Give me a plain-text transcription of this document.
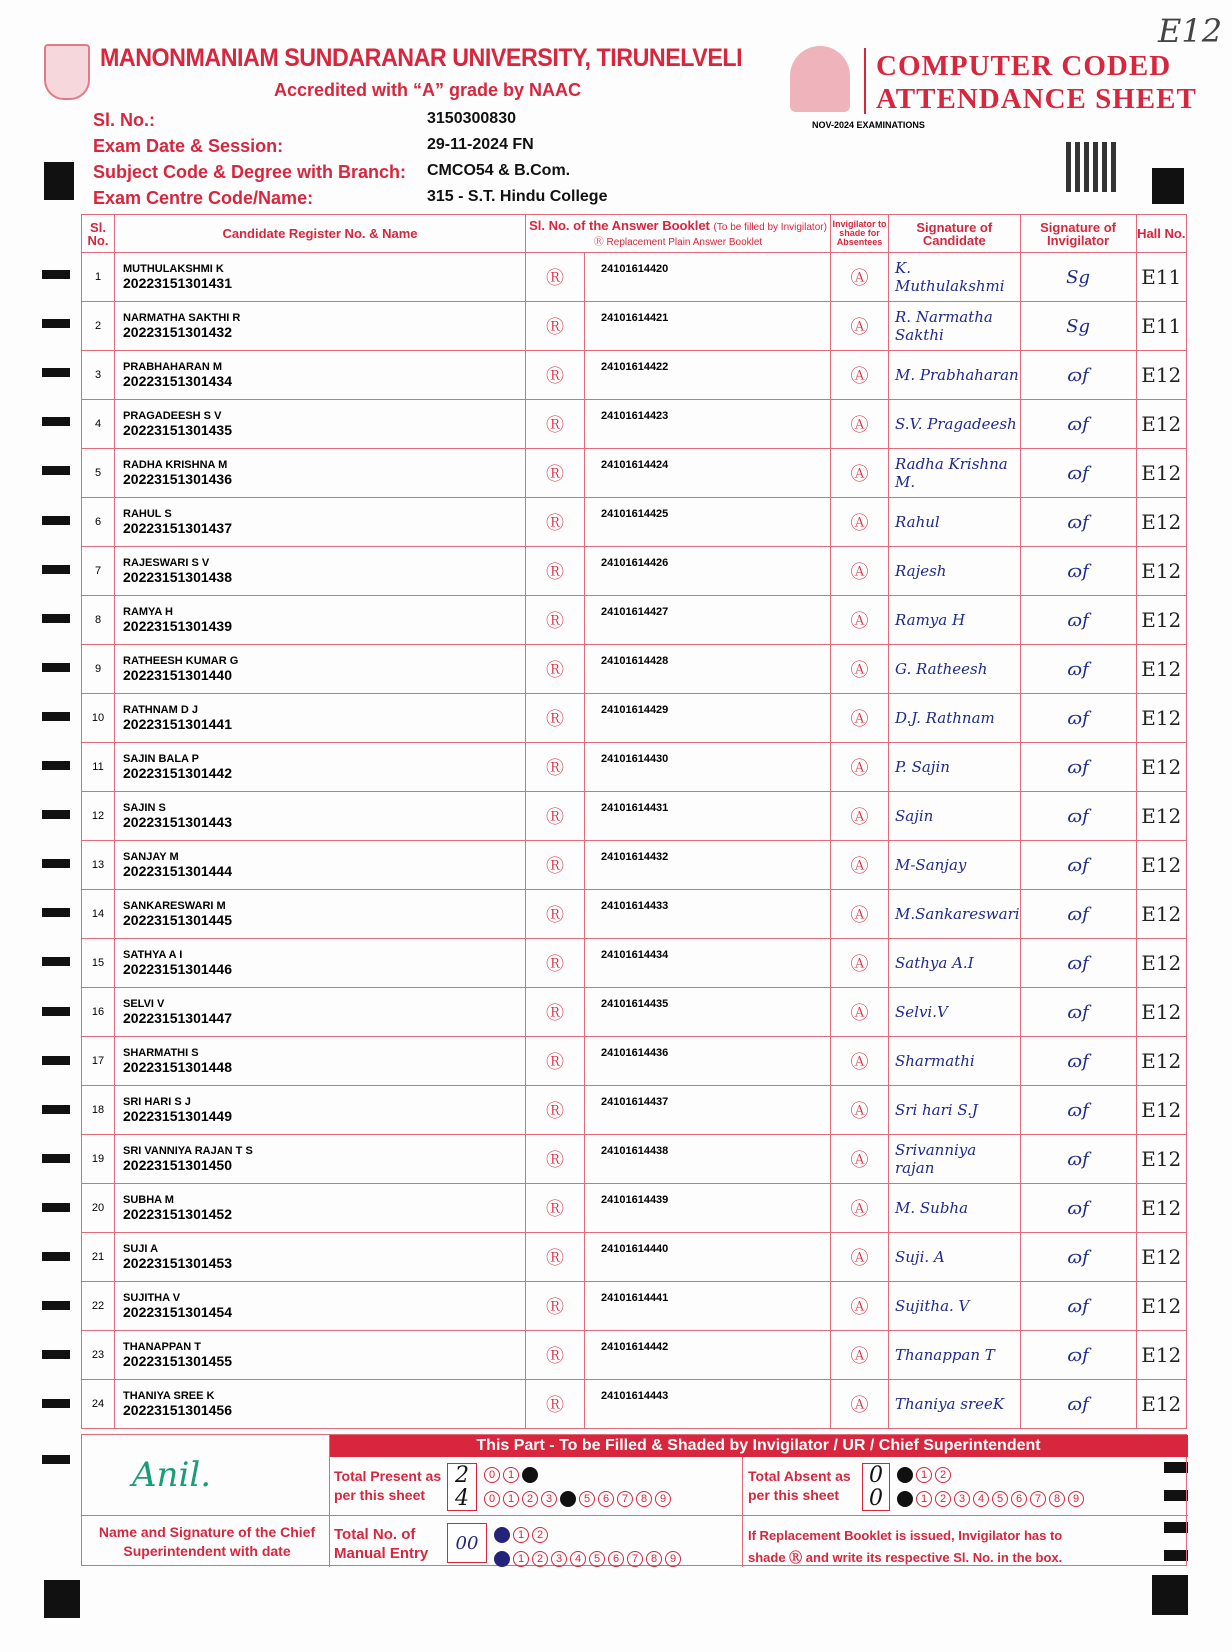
MANONMANIAM SUNDARANAR UNIVERSITY, TIRUNELVELI
Accredited with “A” grade by NAAC
COMPUTER CODED
ATTENDANCE SHEET
NOV-2024 EXAMINATIONS
E12
Sl. No.:	3150300830
Exam Date & Session:	29-11-2024 FN
Subject Code & Degree with Branch: CMCO54 & B.Com.
Exam Centre Code/Name:	315 - S.T. Hindu College
Sl. No.	Candidate Register No. & Name	Sl. No. of the Answer Booklet (To be filled by Invigilator)
Ⓡ Replacement Plain Answer Booklet		Invigilator to shade for Absentees	Signature of Candidate	Signature of Invigilator	Hall No.
1	MUTHULAKSHMI K
20223151301431	Ⓡ	24101614420	Ⓐ	K. Muthulakshmi	Sg	E11
2	NARMATHA SAKTHI R
20223151301432	Ⓡ	24101614421	Ⓐ	R. Narmatha Sakthi	Sg	E11
3	PRABHAHARAN M
20223151301434	Ⓡ	24101614422	Ⓐ	M. Prabhaharan	ɷf	E12
4	PRAGADEESH S V
20223151301435	Ⓡ	24101614423	Ⓐ	S.V. Pragadeesh	ɷf	E12
5	RADHA KRISHNA M
20223151301436	Ⓡ	24101614424	Ⓐ	Radha Krishna M.	ɷf	E12
6	RAHUL S
20223151301437	Ⓡ	24101614425	Ⓐ	Rahul	ɷf	E12
7	RAJESWARI S V
20223151301438	Ⓡ	24101614426	Ⓐ	Rajesh	ɷf	E12
8	RAMYA H
20223151301439	Ⓡ	24101614427	Ⓐ	Ramya H	ɷf	E12
9	RATHEESH KUMAR G
20223151301440	Ⓡ	24101614428	Ⓐ	G. Ratheesh	ɷf	E12
10	RATHNAM D J
20223151301441	Ⓡ	24101614429	Ⓐ	D.J. Rathnam	ɷf	E12
11	SAJIN BALA P
20223151301442	Ⓡ	24101614430	Ⓐ	P. Sajin	ɷf	E12
12	SAJIN S
20223151301443	Ⓡ	24101614431	Ⓐ	Sajin	ɷf	E12
13	SANJAY M
20223151301444	Ⓡ	24101614432	Ⓐ	M-Sanjay	ɷf	E12
14	SANKARESWARI M
20223151301445	Ⓡ	24101614433	Ⓐ	M.Sankareswari	ɷf	E12
15	SATHYA A I
20223151301446	Ⓡ	24101614434	Ⓐ	Sathya A.I	ɷf	E12
16	SELVI V
20223151301447	Ⓡ	24101614435	Ⓐ	Selvi.V	ɷf	E12
17	SHARMATHI S
20223151301448	Ⓡ	24101614436	Ⓐ	Sharmathi	ɷf	E12
18	SRI HARI S J
20223151301449	Ⓡ	24101614437	Ⓐ	Sri hari S.J	ɷf	E12
19	SRI VANNIYA RAJAN T S
20223151301450	Ⓡ	24101614438	Ⓐ	Srivanniya rajan	ɷf	E12
20	SUBHA M
20223151301452	Ⓡ	24101614439	Ⓐ	M. Subha	ɷf	E12
21	SUJI A
20223151301453	Ⓡ	24101614440	Ⓐ	Suji. A	ɷf	E12
22	SUJITHA V
20223151301454	Ⓡ	24101614441	Ⓐ	Sujitha. V	ɷf	E12
23	THANAPPAN T
20223151301455	Ⓡ	24101614442	Ⓐ	Thanappan T	ɷf	E12
24	THANIYA SREE K
20223151301456	Ⓡ	24101614443	Ⓐ	Thaniya sreeK	ɷf	E12
This Part - To be Filled & Shaded by Invigilator / UR / Chief Superintendent
Anil.
Name and Signature of the Chief Superintendent with date
Total Present as per this sheet
2
4
0 1 2
0 1 2 3 4 5 6 7 8 9
Total Absent as per this sheet
0
0
0 1 2
0 1 2 3 4 5 6 7 8 9
Total No. of Manual Entry	00	0 1 2
0 1 2 3 4 5 6 7 8 9
If Replacement Booklet is issued, Invigilator has to shade Ⓡ and write its respective Sl. No. in the box.
